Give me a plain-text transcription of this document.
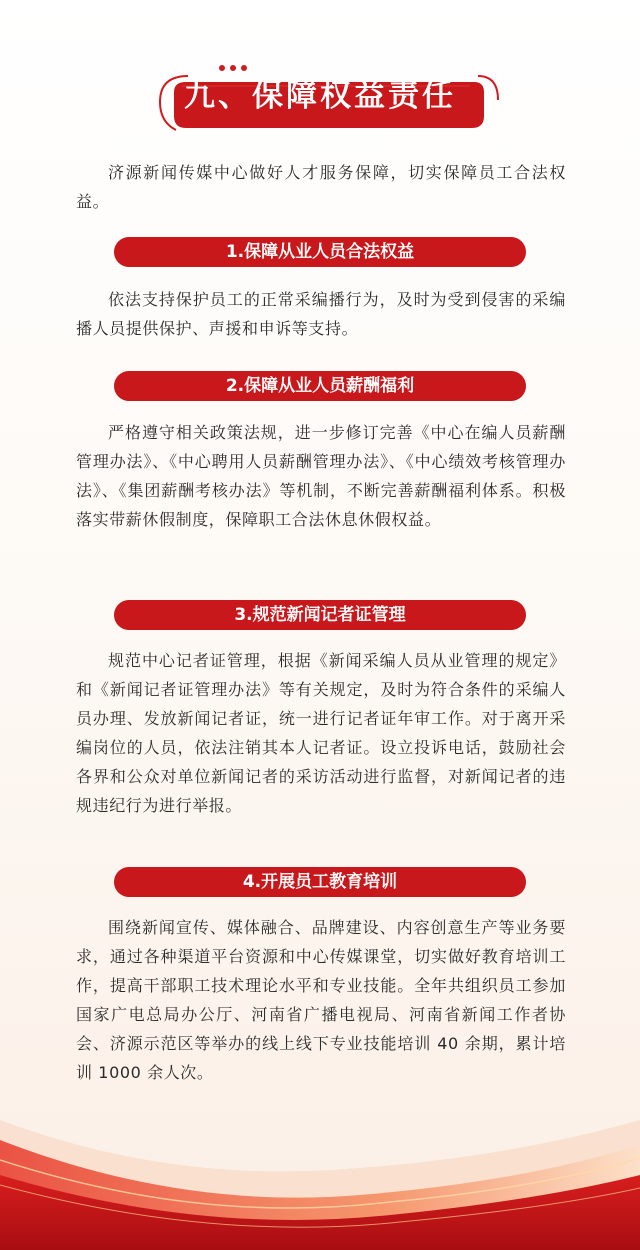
九、保障权益责任

济源新闻传媒中心做好人才服务保障，切实保障员工合法权益。

1.保障从业人员合法权益

依法支持保护员工的正常采编播行为，及时为受到侵害的采编播人员提供保护、声援和申诉等支持。

2.保障从业人员薪酬福利

严格遵守相关政策法规，进一步修订完善《中心在编人员薪酬管理办法》、《中心聘用人员薪酬管理办法》、《中心绩效考核管理办法》、《集团薪酬考核办法》等机制，不断完善薪酬福利体系。积极落实带薪休假制度，保障职工合法休息休假权益。

3.规范新闻记者证管理

规范中心记者证管理，根据《新闻采编人员从业管理的规定》和《新闻记者证管理办法》等有关规定，及时为符合条件的采编人员办理、发放新闻记者证，统一进行记者证年审工作。对于离开采编岗位的人员，依法注销其本人记者证。设立投诉电话，鼓励社会各界和公众对单位新闻记者的采访活动进行监督，对新闻记者的违规违纪行为进行举报。

4.开展员工教育培训

围绕新闻宣传、媒体融合、品牌建设、内容创意生产等业务要求，通过各种渠道平台资源和中心传媒课堂，切实做好教育培训工作，提高干部职工技术理论水平和专业技能。全年共组织员工参加国家广电总局办公厅、河南省广播电视局、河南省新闻工作者协会、济源示范区等举办的线上线下专业技能培训 40 余期，累计培训 1000 余人次。
